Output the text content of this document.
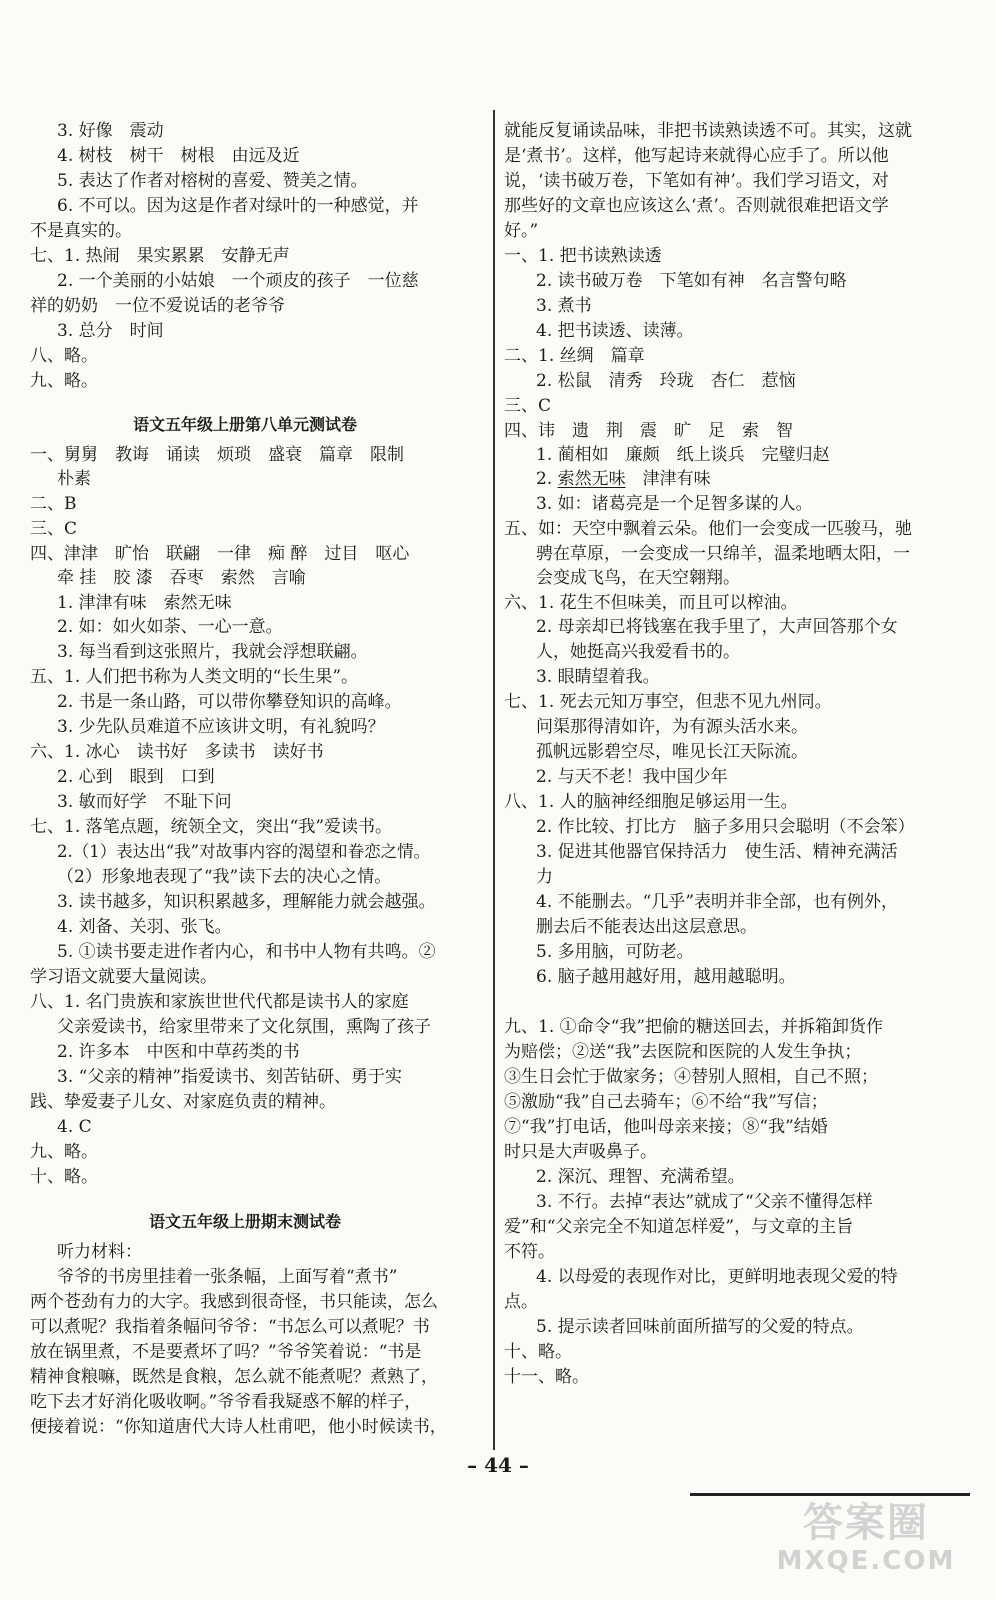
3. 好像　震动
4. 树枝　树干　树根　由远及近
5. 表达了作者对榕树的喜爱、赞美之情。
6. 不可以。因为这是作者对绿叶的一种感觉，并
不是真实的。
七、1. 热闹　果实累累　安静无声
2. 一个美丽的小姑娘　一个顽皮的孩子　一位慈
祥的奶奶　一位不爱说话的老爷爷
3. 总分　时间
八、略。
九、略。
语文五年级上册第八单元测试卷
一、舅舅　教诲　诵读　烦琐　盛衰　篇章　限制
朴素
二、B
三、C
四、津津　旷怡　联翩　一律　痴 醉　过目　呕心
牵 挂　胶 漆　吞枣　索然　言喻
1. 津津有味　索然无味
2. 如：如火如荼、一心一意。
3. 每当看到这张照片，我就会浮想联翩。
五、1. 人们把书称为人类文明的“长生果”。
2. 书是一条山路，可以带你攀登知识的高峰。
3. 少先队员难道不应该讲文明，有礼貌吗？
六、1. 冰心　读书好　多读书　读好书
2. 心到　眼到　口到
3. 敏而好学　不耻下问
七、1. 落笔点题，统领全文，突出“我”爱读书。
2.（1）表达出“我”对故事内容的渴望和眷恋之情。
（2）形象地表现了“我”读下去的决心之情。
3. 读书越多，知识积累越多，理解能力就会越强。
4. 刘备、关羽、张飞。
5. ①读书要走进作者内心，和书中人物有共鸣。②
学习语文就要大量阅读。
八、1. 名门贵族和家族世世代代都是读书人的家庭
父亲爱读书，给家里带来了文化氛围，熏陶了孩子
2. 许多本　中医和中草药类的书
3. “父亲的精神”指爱读书、刻苦钻研、勇于实
践、挚爱妻子儿女、对家庭负责的精神。
4. C
九、略。
十、略。
语文五年级上册期末测试卷
听力材料：
爷爷的书房里挂着一张条幅，上面写着“煮书”
两个苍劲有力的大字。我感到很奇怪，书只能读，怎么
可以煮呢？我指着条幅问爷爷：“书怎么可以煮呢？书
放在锅里煮，不是要煮坏了吗？”爷爷笑着说：“书是
精神食粮嘛，既然是食粮，怎么就不能煮呢？煮熟了，
吃下去才好消化吸收啊。”爷爷看我疑惑不解的样子，
便接着说：“你知道唐代大诗人杜甫吧，他小时候读书，
就能反复诵读品味，非把书读熟读透不可。其实，这就
是‘煮书’。这样，他写起诗来就得心应手了。所以他
说，‘读书破万卷，下笔如有神’。我们学习语文，对
那些好的文章也应该这么‘煮’。否则就很难把语文学
好。”
一、1. 把书读熟读透
2. 读书破万卷　下笔如有神　名言警句略
3. 煮书
4. 把书读透、读薄。
二、1. 丝绸　篇章
2. 松鼠　清秀　玲珑　杏仁　惹恼
三、C
四、讳　遗　荆　震　旷　足　索　智
1. 蔺相如　廉颇　纸上谈兵　完璧归赵
2. 索然无味　津津有味
3. 如：诸葛亮是一个足智多谋的人。
五、如：天空中飘着云朵。他们一会变成一匹骏马，驰
骋在草原，一会变成一只绵羊，温柔地晒太阳，一
会变成飞鸟，在天空翱翔。
六、1. 花生不但味美，而且可以榨油。
2. 母亲却已将钱塞在我手里了，大声回答那个女
人，她挺高兴我爱看书的。
3. 眼睛望着我。
七、1. 死去元知万事空，但悲不见九州同。
问渠那得清如许，为有源头活水来。
孤帆远影碧空尽，唯见长江天际流。
2. 与天不老！我中国少年
八、1. 人的脑神经细胞足够运用一生。
2. 作比较、打比方　脑子多用只会聪明（不会笨）
3. 促进其他器官保持活力　使生活、精神充满活
力
4. 不能删去。“几乎”表明并非全部，也有例外，
删去后不能表达出这层意思。
5. 多用脑，可防老。
6. 脑子越用越好用，越用越聪明。
九、1. ①命令“我”把偷的糖送回去，并拆箱卸货作
为赔偿；②送“我”去医院和医院的人发生争执；
③生日会忙于做家务；④替别人照相，自己不照；
⑤激励“我”自己去骑车；⑥不给“我”写信；
⑦“我”打电话，他叫母亲来接；⑧“我”结婚
时只是大声吸鼻子。
2. 深沉、理智、充满希望。
3. 不行。去掉“表达”就成了“父亲不懂得怎样
爱”和“父亲完全不知道怎样爱”，与文章的主旨
不符。
4. 以母爱的表现作对比，更鲜明地表现父爱的特
点。
5. 提示读者回味前面所描写的父爱的特点。
十、略。
十一、略。
– 44 –
答案圈
MXQE.COM
